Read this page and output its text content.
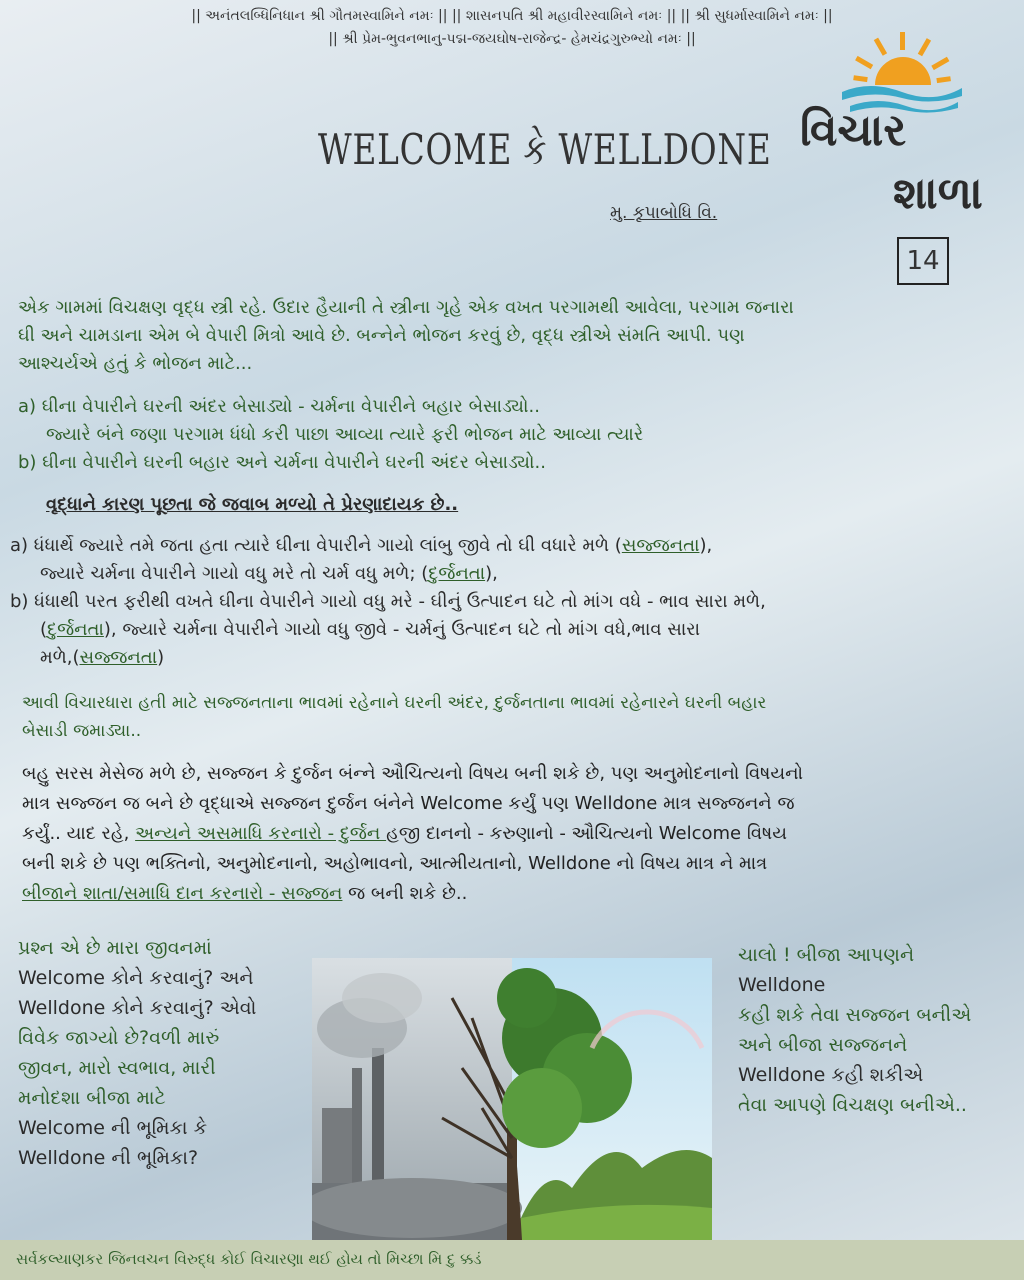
|| અનંતલબ્ધિનિધાન શ્રી ગૌતમસ્વામિને નમઃ || || શાસનપતિ શ્રી મહાવીરસ્વામિને નમઃ || || શ્રી સુધર્માસ્વામિને નમઃ ||
|| શ્રી પ્રેમ-ભુવનભાનુ-પદ્મ-જયઘોષ-રાજેન્દ્ર- હેમચંદ્રગુરુભ્યો નમઃ ||
WELCOME કે WELLDONE
મુ. કૃપાબોધિ વિ.
વિચાર
શાળા
14
એક ગામમાં વિચક્ષણ વૃદ્ધ સ્ત્રી રહે. ઉદાર હૈયાની તે સ્ત્રીના ગૃહે એક વખત પરગામથી આવેલા, પરગામ જનારા
ઘી અને ચામડાના એમ બે વેપારી મિત્રો આવે છે. બન્નેને ભોજન કરવું છે, વૃદ્ધ સ્ત્રીએ સંમતિ આપી. પણ
આશ્ચર્યએ હતું કે ભોજન માટે...
a) ઘીના વેપારીને ઘરની અંદર બેસાડ્યો - ચર્મના વેપારીને બહાર બેસાડ્યો..
જ્યારે બંને જણા પરગામ ધંધો કરી પાછા આવ્યા ત્યારે ફરી ભોજન માટે આવ્યા ત્યારે
b) ઘીના વેપારીને ઘરની બહાર અને ચર્મના વેપારીને ઘરની અંદર બેસાડ્યો..
વૃદ્ધાને કારણ પૂછતા જે જવાબ મળ્યો તે પ્રેરણાદાયક છે..
a) ધંધાર્થે જ્યારે તમે જતા હતા ત્યારે ઘીના વેપારીને ગાયો લાંબુ જીવે તો ઘી વધારે મળે (સજ્જનતા),
જ્યારે ચર્મના વેપારીને ગાયો વધુ મરે તો ચર્મ વધુ મળે; (દુર્જનતા),
b) ધંધાથી પરત ફરીથી વખતે ઘીના વેપારીને ગાયો વધુ મરે - ઘીનું ઉત્પાદન ઘટે તો માંગ વધે - ભાવ સારા મળે,
(દુર્જનતા), જ્યારે ચર્મના વેપારીને ગાયો વધુ જીવે - ચર્મનું ઉત્પાદન ઘટે તો માંગ વધે,ભાવ સારા
મળે,(સજ્જનતા)
આવી વિચારધારા હતી માટે સજ્જનતાના ભાવમાં રહેનાને ઘરની અંદર, દુર્જનતાના ભાવમાં રહેનારને ઘરની બહાર
બેસાડી જમાડ્યા..
બહુ સરસ મેસેજ મળે છે, સજ્જન કે દુર્જન બંન્ને ઔચિત્યનો વિષય બની શકે છે, પણ અનુમોદનાનો વિષયનો
માત્ર સજ્જન જ બને છે વૃદ્ધાએ સજ્જન દુર્જન બંનેને Welcome કર્યું પણ Welldone માત્ર સજ્જનને જ
કર્યું.. યાદ રહે, અન્યને અસમાધિ કરનારો - દુર્જન હજી દાનનો - કરુણાનો - ઔચિત્યનો Welcome વિષય
બની શકે છે પણ ભક્તિનો, અનુમોદનાનો, અહોભાવનો, આત્મીયતાનો, Welldone નો વિષય માત્ર ને માત્ર
બીજાને શાતા/સમાધિ દાન કરનારો - સજ્જન જ બની શકે છે..
પ્રશ્ન એ છે મારા જીવનમાં
Welcome કોને કરવાનું? અને
Welldone કોને કરવાનું? એવો
વિવેક જાગ્યો છે?વળી મારું
જીવન, મારો સ્વભાવ, મારી
મનોદશા બીજા માટે
Welcome ની ભૂમિકા કે
Welldone ની ભૂમિકા?
ચાલો ! બીજા આપણને
Welldone
કહી શકે તેવા સજ્જન બનીએ
અને બીજા સજ્જનને
Welldone કહી શકીએ
તેવા આપણે વિચક્ષણ બનીએ..
સર્વકલ્યાણકર જિનવચન વિરુદ્ધ કોઈ વિચારણા થઈ હોય તો મિચ્છા મિ દુ ક્કડં
